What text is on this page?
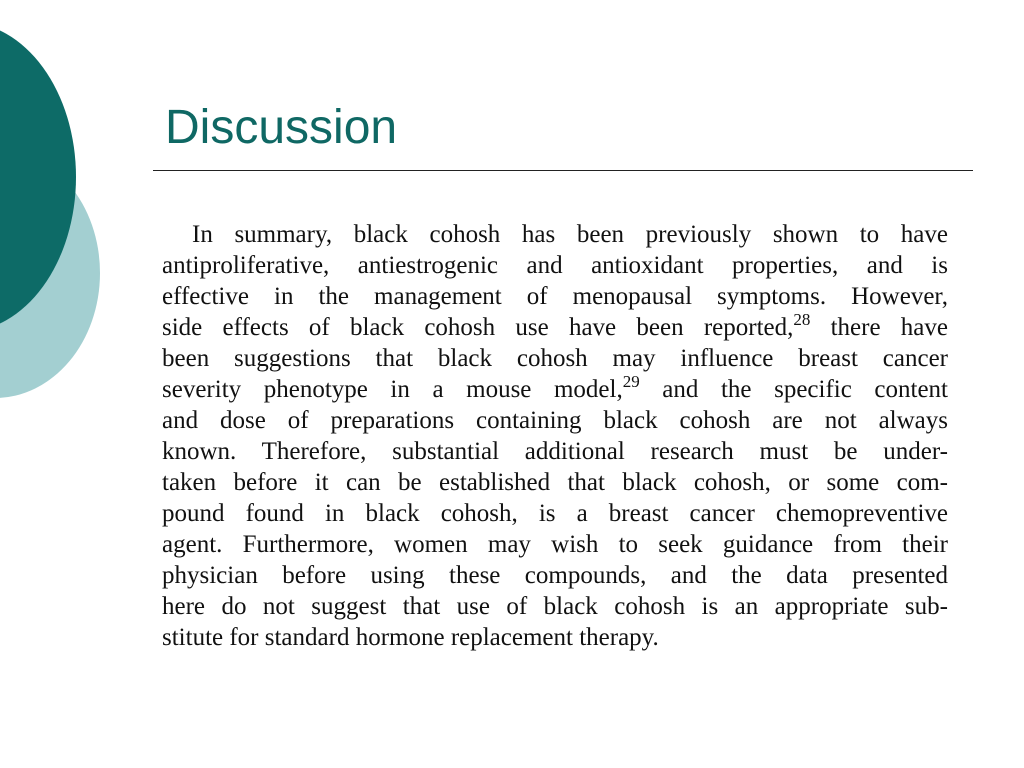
Discussion
In summary, black cohosh has been previously shown to have
antiproliferative, antiestrogenic and antioxidant properties, and is
effective in the management of menopausal symptoms. However,
side effects of black cohosh use have been reported,$^{28}$ there have
been suggestions that black cohosh may influence breast cancer
severity phenotype in a mouse model,$^{29}$ and the specific content
and dose of preparations containing black cohosh are not always
known. Therefore, substantial additional research must be under-
taken before it can be established that black cohosh, or some com-
pound found in black cohosh, is a breast cancer chemopreventive
agent. Furthermore, women may wish to seek guidance from their
physician before using these compounds, and the data presented
here do not suggest that use of black cohosh is an appropriate sub-
stitute for standard hormone replacement therapy.
